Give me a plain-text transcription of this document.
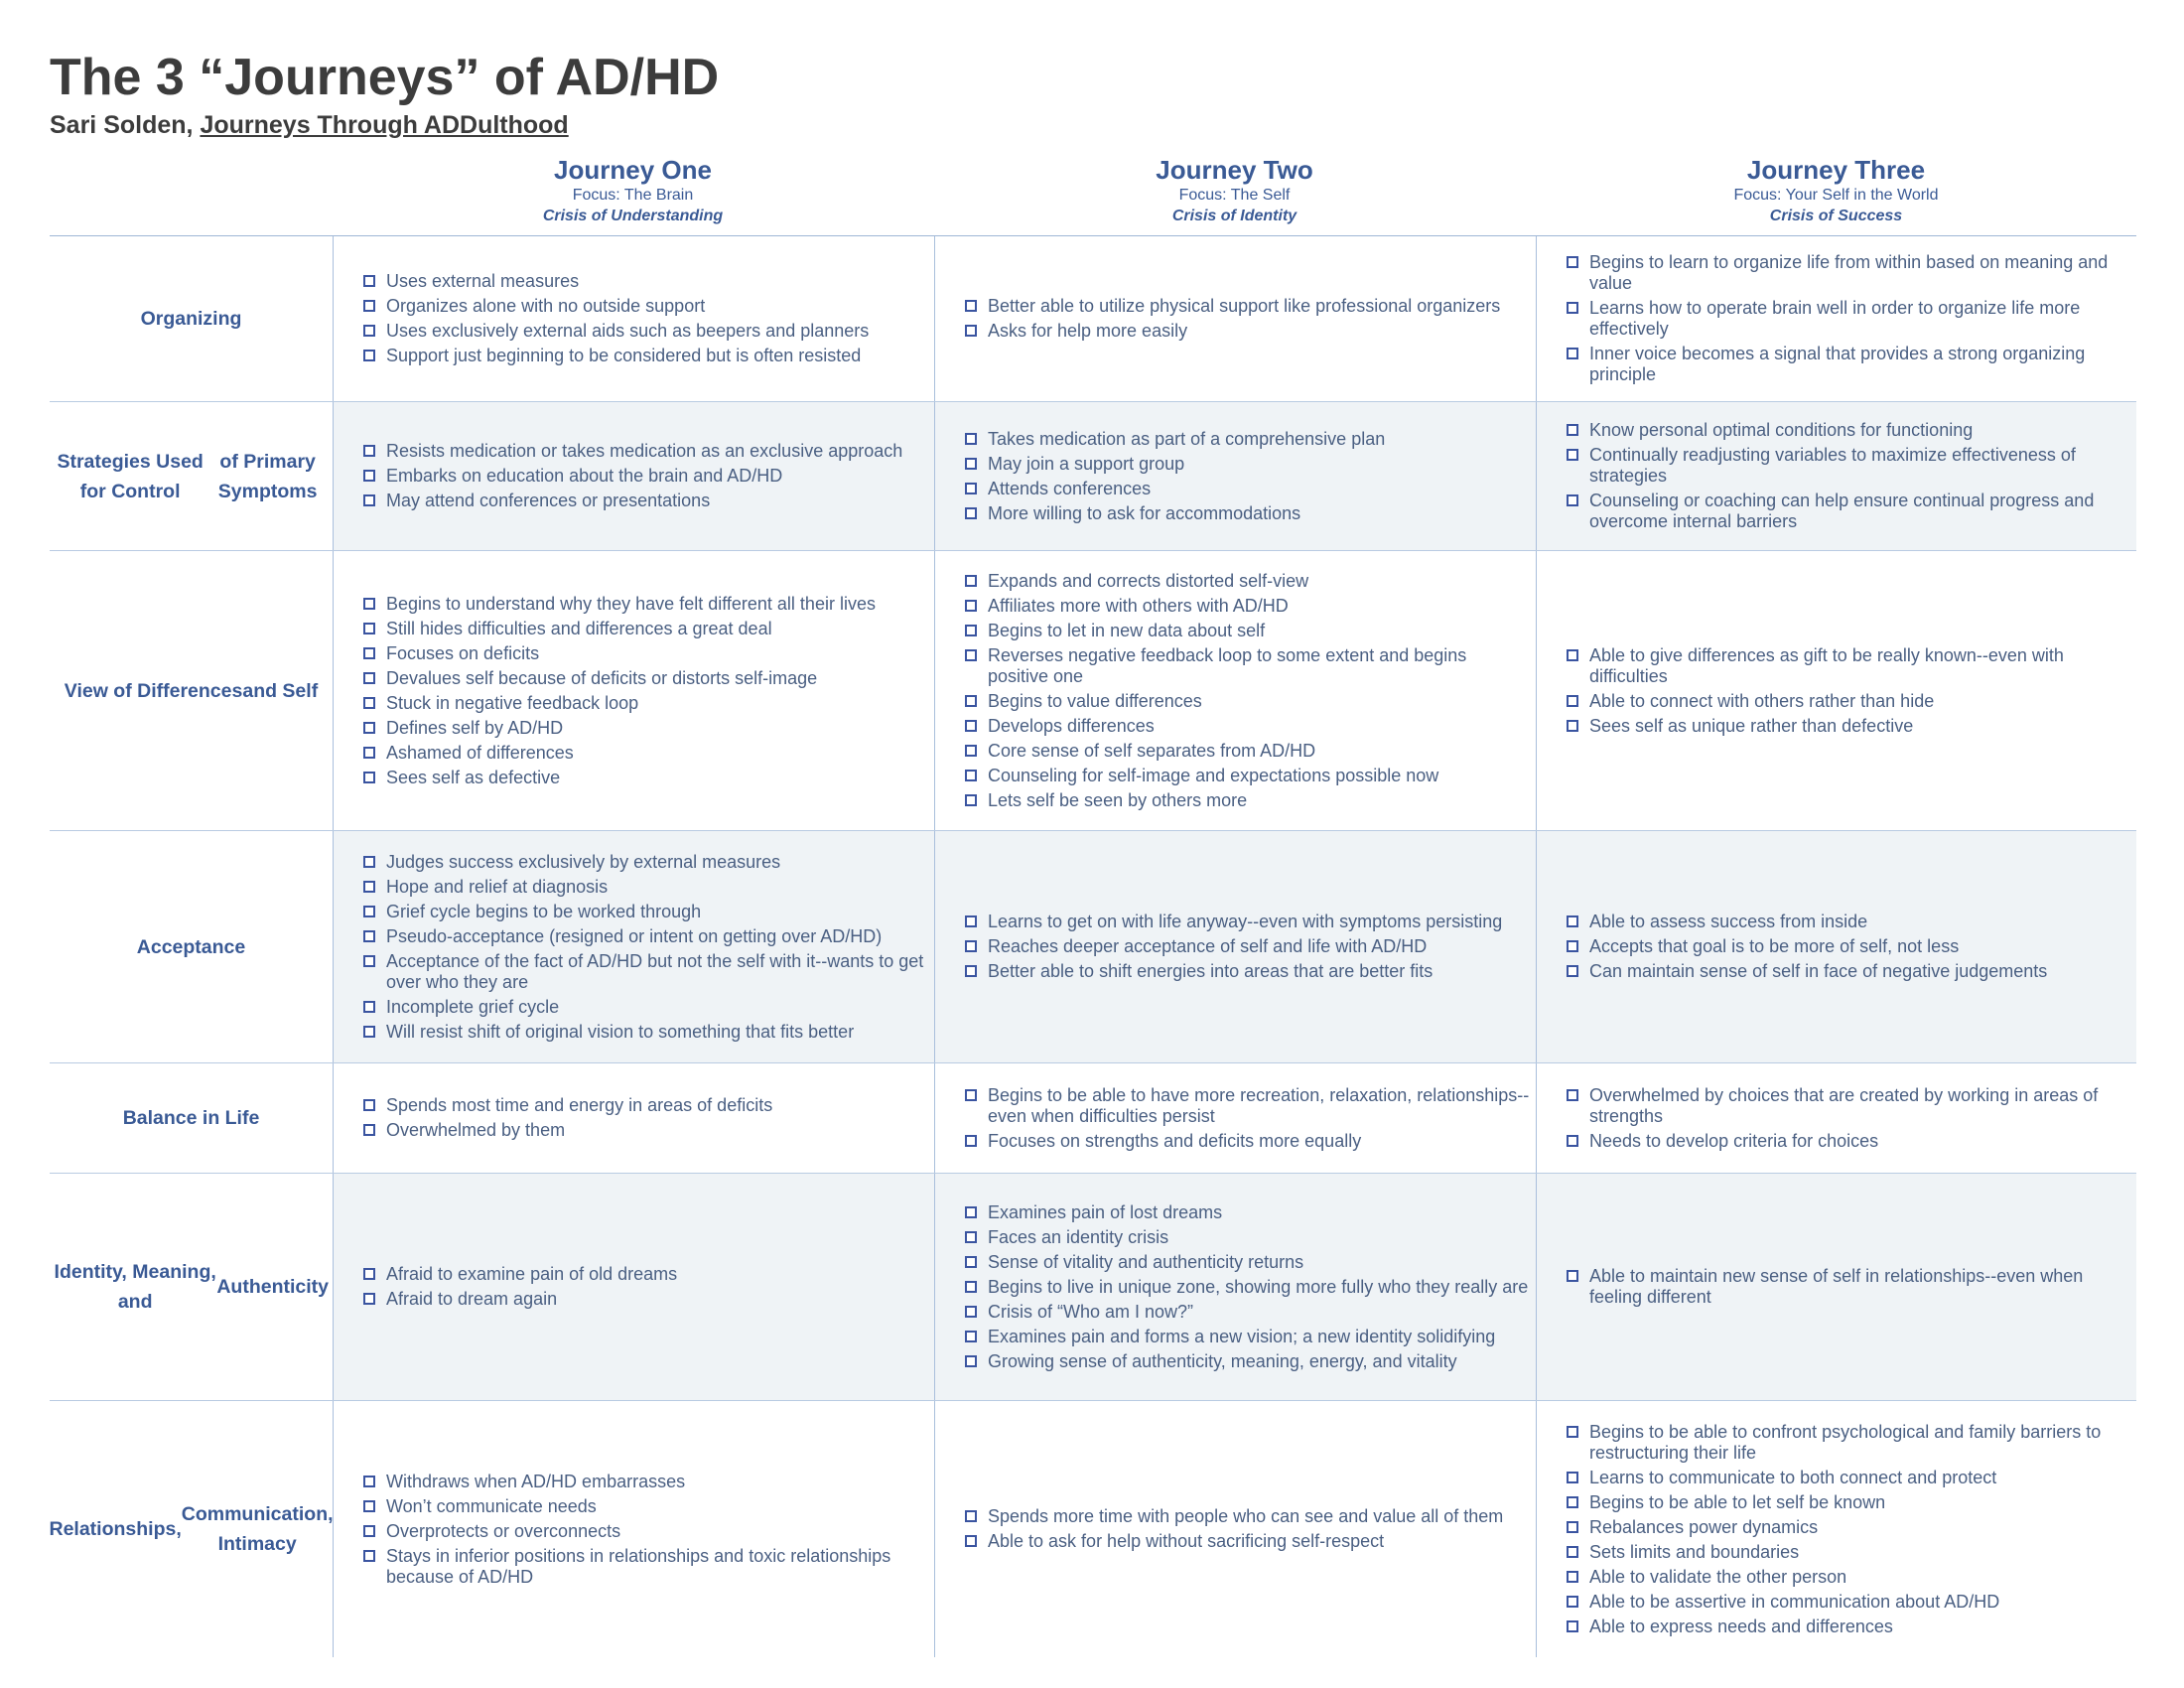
The 3 “Journeys” of AD/HD

Sari Solden, Journeys Through ADDulthood

Journey One
Focus: The Brain
Crisis of Understanding
Journey Two
Focus: The Self
Crisis of Identity
Journey Three
Focus: Your Self in the World
Crisis of Success
Organizing
Uses external measures
Organizes alone with no outside support
Uses exclusively external aids such as beepers and planners
Support just beginning to be considered but is often resisted
Better able to utilize physical support like professional organizers
Asks for help more easily
Begins to learn to organize life from within based on meaning and value
Learns how to operate brain well in order to organize life more effectively
Inner voice becomes a signal that provides a strong organizing principle
Strategies Used for Control
of Primary Symptoms
Resists medication or takes medication as an exclusive approach
Embarks on education about the brain and AD/HD
May attend conferences or presentations
Takes medication as part of a comprehensive plan
May join a support group
Attends conferences
More willing to ask for accommodations
Know personal optimal conditions for functioning
Continually readjusting variables to maximize effectiveness of strategies
Counseling or coaching can help ensure continual progress and overcome internal barriers
View of Differences and Self
Begins to understand why they have felt different all their lives
Still hides difficulties and differences a great deal
Focuses on deficits
Devalues self because of deficits or distorts self-image
Stuck in negative feedback loop
Defines self by AD/HD
Ashamed of differences
Sees self as defective
Expands and corrects distorted self-view
Affiliates more with others with AD/HD
Begins to let in new data about self
Reverses negative feedback loop to some extent and begins positive one
Begins to value differences
Develops differences
Core sense of self separates from AD/HD
Counseling for self-image and expectations possible now
Lets self be seen by others more
Able to give differences as gift to be really known--even with difficulties
Able to connect with others rather than hide
Sees self as unique rather than defective
Acceptance
Judges success exclusively by external measures
Hope and relief at diagnosis
Grief cycle begins to be worked through
Pseudo-acceptance (resigned or intent on getting over AD/HD)
Acceptance of the fact of AD/HD but not the self with it--wants to get over who they are
Incomplete grief cycle
Will resist shift of original vision to something that fits better
Learns to get on with life anyway--even with symptoms persisting
Reaches deeper acceptance of self and life with AD/HD
Better able to shift energies into areas that are better fits
Able to assess success from inside
Accepts that goal is to be more of self, not less
Can maintain sense of self in face of negative judgements
Balance in Life
Spends most time and energy in areas of deficits
Overwhelmed by them
Begins to be able to have more recreation, relaxation, relationships--even when difficulties persist
Focuses on strengths and deficits more equally
Overwhelmed by choices that are created by working in areas of strengths
Needs to develop criteria for choices
Identity, Meaning, and
Authenticity
Afraid to examine pain of old dreams
Afraid to dream again
Examines pain of lost dreams
Faces an identity crisis
Sense of vitality and authenticity returns
Begins to live in unique zone, showing more fully who they really are
Crisis of “Who am I now?”
Examines pain and forms a new vision; a new identity solidifying
Growing sense of authenticity, meaning, energy, and vitality
Able to maintain new sense of self in relationships--even when feeling different
Relationships,
Communication, Intimacy
Withdraws when AD/HD embarrasses
Won’t communicate needs
Overprotects or overconnects
Stays in inferior positions in relationships and toxic relationships because of AD/HD
Spends more time with people who can see and value all of them
Able to ask for help without sacrificing self-respect
Begins to be able to confront psychological and family barriers to restructuring their life
Learns to communicate to both connect and protect
Begins to be able to let self be known
Rebalances power dynamics
Sets limits and boundaries
Able to validate the other person
Able to be assertive in communication about AD/HD
Able to express needs and differences
